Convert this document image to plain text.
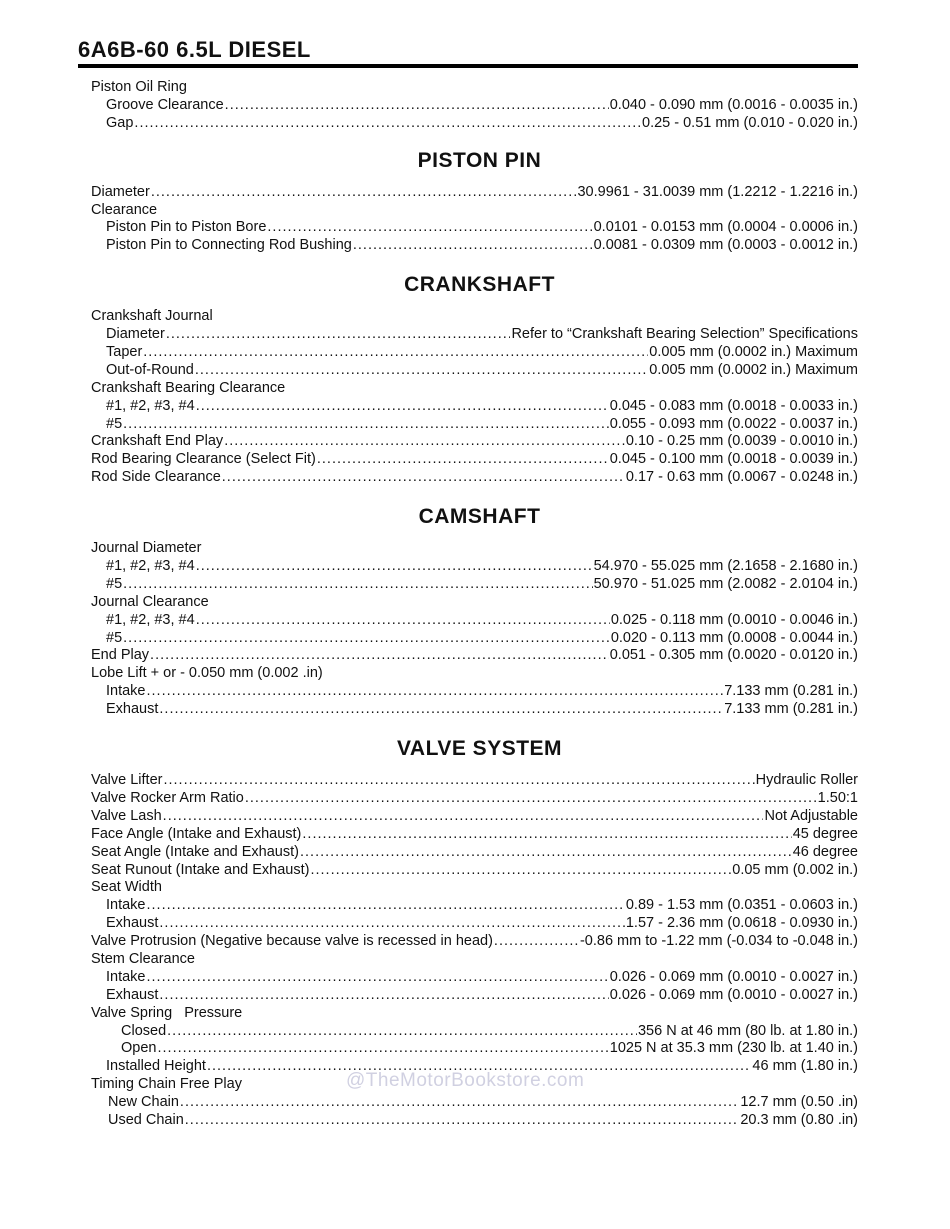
6A6B-60 6.5L DIESEL
Piston Oil Ring
Groove Clearance .....	0.040 - 0.090 mm (0.0016 - 0.0035 in.)
Gap .....	0.25 - 0.51 mm (0.010 - 0.020 in.)
PISTON PIN
Diameter .....	30.9961 - 31.0039 mm (1.2212 - 1.2216 in.)
Clearance
Piston Pin to Piston Bore .....	0.0101 - 0.0153 mm (0.0004 - 0.0006 in.)
Piston Pin to Connecting Rod Bushing .....	0.0081 - 0.0309 mm (0.0003 - 0.0012 in.)
CRANKSHAFT
Crankshaft Journal
Diameter .....	Refer to “Crankshaft Bearing Selection” Specifications
Taper .....	0.005 mm (0.0002 in.) Maximum
Out-of-Round .....	0.005 mm (0.0002 in.) Maximum
Crankshaft Bearing Clearance
#1, #2, #3, #4 .....	0.045 - 0.083 mm (0.0018 - 0.0033 in.)
#5 .....	0.055 - 0.093 mm (0.0022 - 0.0037 in.)
Crankshaft End Play .....	0.10 - 0.25 mm (0.0039 - 0.0010 in.)
Rod Bearing Clearance (Select Fit) .....	0.045 - 0.100 mm (0.0018 - 0.0039 in.)
Rod Side Clearance .....	0.17 - 0.63 mm (0.0067 - 0.0248 in.)
CAMSHAFT
Journal Diameter
#1, #2, #3, #4 .....	54.970 - 55.025 mm (2.1658 - 2.1680 in.)
#5 .....	50.970 - 51.025 mm (2.0082 - 2.0104 in.)
Journal Clearance
#1, #2, #3, #4 .....	0.025 - 0.118 mm (0.0010 - 0.0046 in.)
#5 .....	0.020 - 0.113 mm (0.0008 - 0.0044 in.)
End Play .....	0.051 - 0.305 mm (0.0020 - 0.0120 in.)
Lobe Lift + or - 0.050 mm (0.002 .in)
Intake .....	7.133 mm (0.281 in.)
Exhaust .....	7.133 mm (0.281 in.)
VALVE SYSTEM
Valve Lifter .....	Hydraulic Roller
Valve Rocker Arm Ratio .....	1.50:1
Valve Lash .....	Not Adjustable
Face Angle (Intake and Exhaust) .....	45 degree
Seat Angle (Intake and Exhaust) .....	46 degree
Seat Runout (Intake and Exhaust) .....	0.05 mm (0.002 in.)
Seat Width
Intake .....	0.89 - 1.53 mm (0.0351 - 0.0603 in.)
Exhaust .....	1.57 - 2.36 mm (0.0618 - 0.0930 in.)
Valve Protrusion (Negative because valve is recessed in head) .....	-0.86 mm to -1.22 mm (-0.034 to -0.048 in.)
Stem Clearance
Intake .....	0.026 - 0.069 mm (0.0010 - 0.0027 in.)
Exhaust .....	0.026 - 0.069 mm (0.0010 - 0.0027 in.)
Valve Spring   Pressure
Closed .....	356 N at 46 mm (80 lb. at 1.80 in.)
Open .....	1025 N at 35.3 mm (230 lb. at 1.40 in.)
Installed Height .....	46 mm (1.80 in.)
Timing Chain Free Play
New Chain .....	12.7 mm (0.50 .in)
Used Chain .....	20.3 mm (0.80 .in)
@TheMotorBookstore.com
